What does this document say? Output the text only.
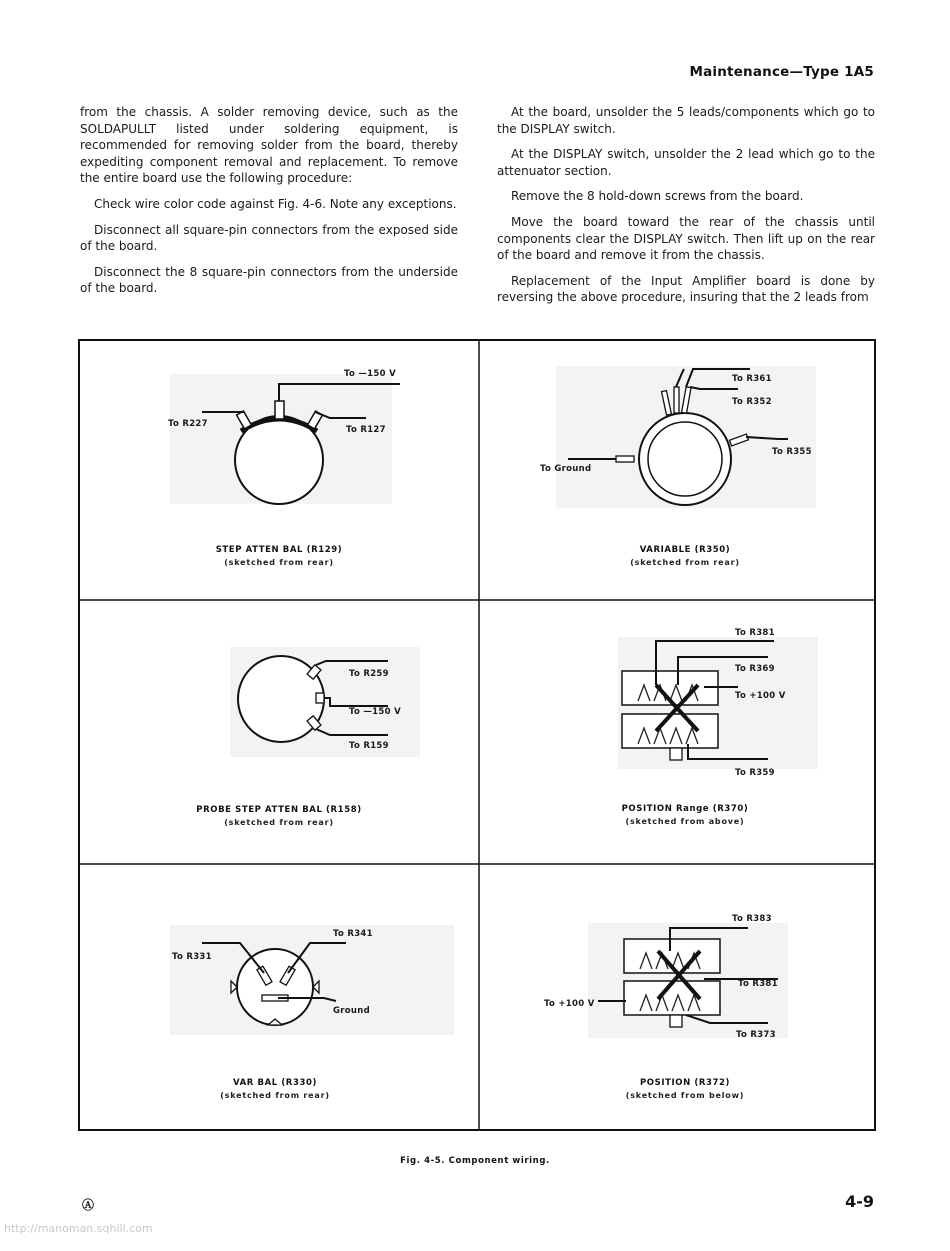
Maintenance—Type 1A5

from the chassis. A solder removing device, such as the SOLDAPULLT listed under soldering equipment, is recommended for removing solder from the board, thereby expediting component removal and replacement. To remove the entire board use the following procedure:

Check wire color code against Fig. 4-6. Note any exceptions.

Disconnect all square-pin connectors from the exposed side of the board.

Disconnect the 8 square-pin connectors from the underside of the board.

At the board, unsolder the 5 leads/components which go to the DISPLAY switch.

At the DISPLAY switch, unsolder the 2 lead which go to the attenuator section.

Remove the 8 hold-down screws from the board.

Move the board toward the rear of the chassis until components clear the DISPLAY switch. Then lift up on the rear of the board and remove it from the chassis.

Replacement of the Input Amplifier board is done by reversing the above procedure, insuring that the 2 leads from

To —150 V
To R227
To R127
STEP ATTEN BAL (R129)
(sketched from rear)
To R361
To R352
To R355
To Ground
VARIABLE (R350)
(sketched from rear)
To R259
To —150 V
To R159
PROBE STEP ATTEN BAL (R158)
(sketched from rear)
To R381
To R369
To +100 V
To R359
POSITION Range (R370)
(sketched from above)
To R341
To R331
Ground
VAR BAL (R330)
(sketched from rear)
To R383
To R381
To +100 V
To R373
POSITION (R372)
(sketched from below)
Fig. 4-5. Component wiring.
Ⓐ	4-9
http://manoman.sqhill.com
